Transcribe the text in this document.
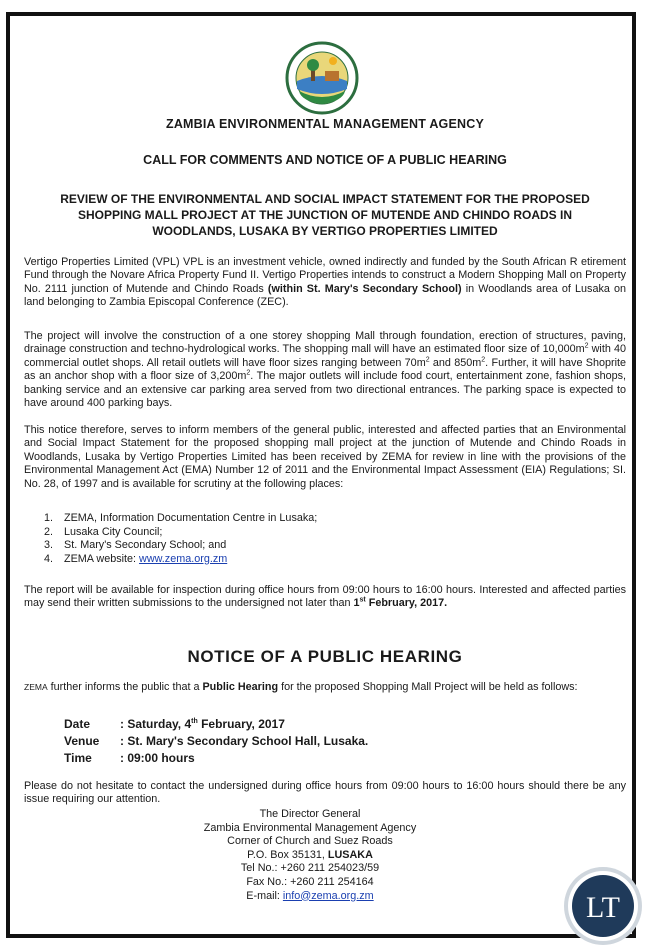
ZAMBIA ENVIRONMENTAL MANAGEMENT AGENCY
CALL FOR COMMENTS AND NOTICE OF A PUBLIC HEARING
REVIEW OF THE ENVIRONMENTAL AND SOCIAL IMPACT STATEMENT FOR THE PROPOSED SHOPPING MALL PROJECT AT THE JUNCTION OF MUTENDE AND CHINDO ROADS IN WOODLANDS, LUSAKA BY VERTIGO PROPERTIES LIMITED
Vertigo Properties Limited (VPL) VPL is an investment vehicle, owned indirectly and funded by the South African R etirement Fund through the Novare Africa Property Fund II. Vertigo Properties intends to construct a Modern Shopping Mall on Property No. 2111 junction of Mutende and Chindo Roads (within St. Mary's Secondary School) in Woodlands area of Lusaka on land belonging to Zambia Episcopal Conference (ZEC).
The project will involve the construction of a one storey shopping Mall through foundation, erection of structures, paving, drainage construction and techno-hydrological works. The shopping mall will have an estimated floor size of $10,000m^2$ with 40 commercial outlet shops. All retail outlets will have floor sizes ranging between $70m^2$ and $850m^2$. Further, it will have Shoprite as an anchor shop with a floor size of $3,200m^2$. The major outlets will include food court, entertainment zone, fashion shops, banking service and an extensive car parking area served from two directional entrances. The parking space is expected to have around 400 parking bays.
This notice therefore, serves to inform members of the general public, interested and affected parties that an Environmental and Social Impact Statement for the proposed shopping mall project at the junction of Mutende and Chindo Roads in Woodlands, Lusaka by Vertigo Properties Limited has been received by ZEMA for review in line with the provisions of the Environmental Management Act (EMA) Number 12 of 2011 and the Environmental Impact Assessment (EIA) Regulations; SI. No. 28, of 1997 and is available for scrutiny at the following places:
1.	ZEMA, Information Documentation Centre in Lusaka;
2.	Lusaka City Council;
3.	St. Mary's Secondary School; and
4.	ZEMA website:
www.zema.org.zm
The report will be available for inspection during office hours from 09:00 hours to 16:00 hours. Interested and affected parties may send their written submissions to the undersigned not later than 1st February, 2017.
NOTICE OF A PUBLIC HEARING
ZEMA further informs the public that a Public Hearing for the proposed Shopping Mall Project will be held as follows:
Date	: Saturday, 4th February, 2017
Venue	: St. Mary's Secondary School Hall, Lusaka.
Time	: 09:00 hours
Please do not hesitate to contact the undersigned during office hours from 09:00 hours to 16:00 hours should there be any issue requiring our attention.
The Director General
Zambia Environmental Management Agency
Corner of Church and Suez Roads
P.O. Box 35131, LUSAKA
Tel No.: +260 211 254023/59
Fax No.: +260 211 254164
E-mail: info@zema.org.zm	LT
